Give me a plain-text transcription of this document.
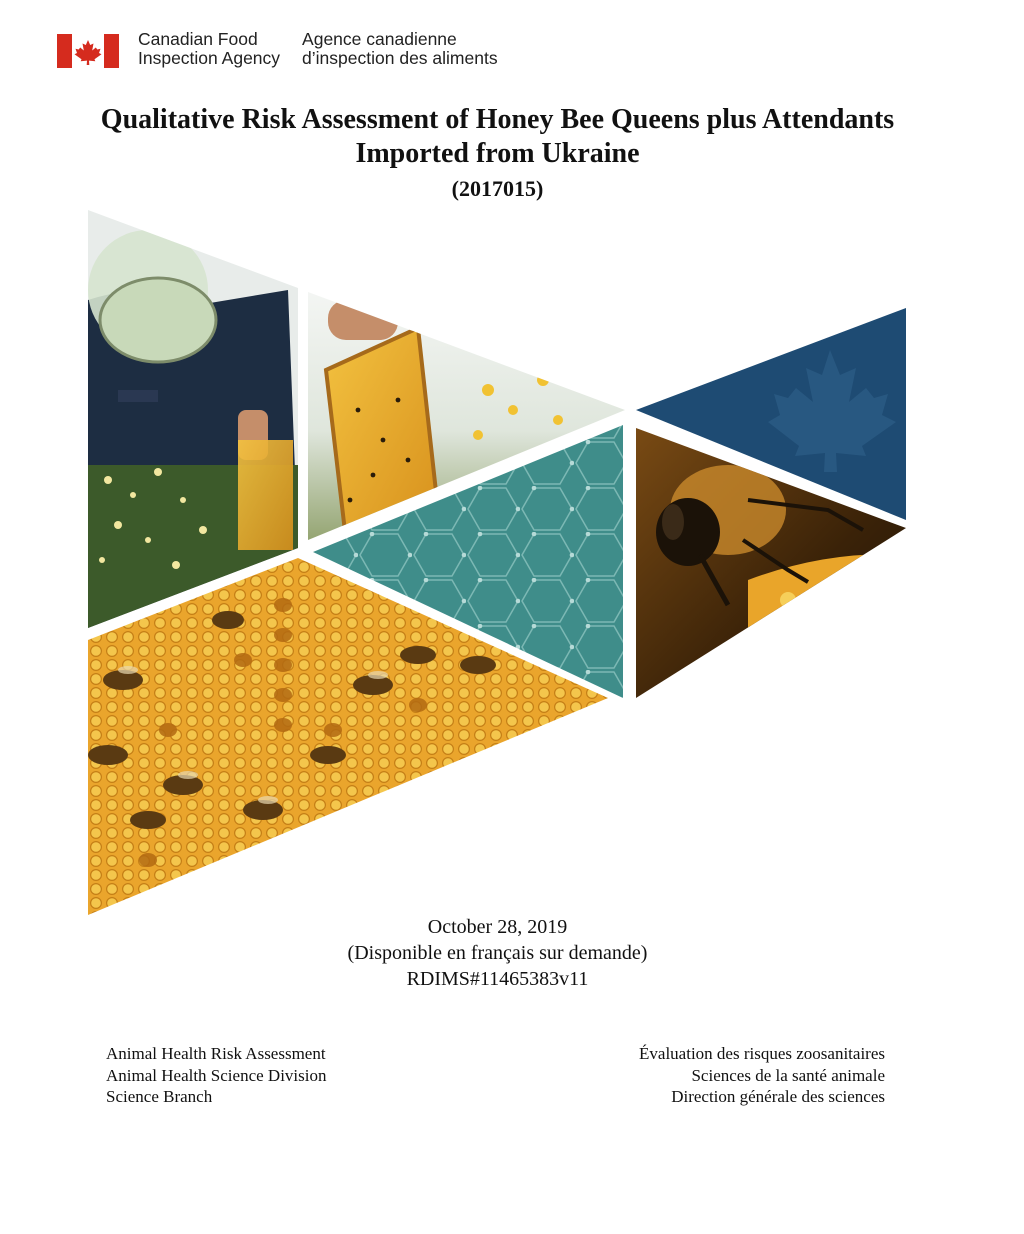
Canadian Food
Inspection Agency
Agence canadienne
d’inspection des aliments
Qualitative Risk Assessment of Honey Bee Queens plus Attendants
Imported from Ukraine
(2017015)
October 28, 2019
(Disponible en français sur demande)
RDIMS#11465383v11
Animal Health Risk Assessment
Animal Health Science Division
Science Branch
Évaluation des risques zoosanitaires
Sciences de la santé animale
Direction générale des sciences
